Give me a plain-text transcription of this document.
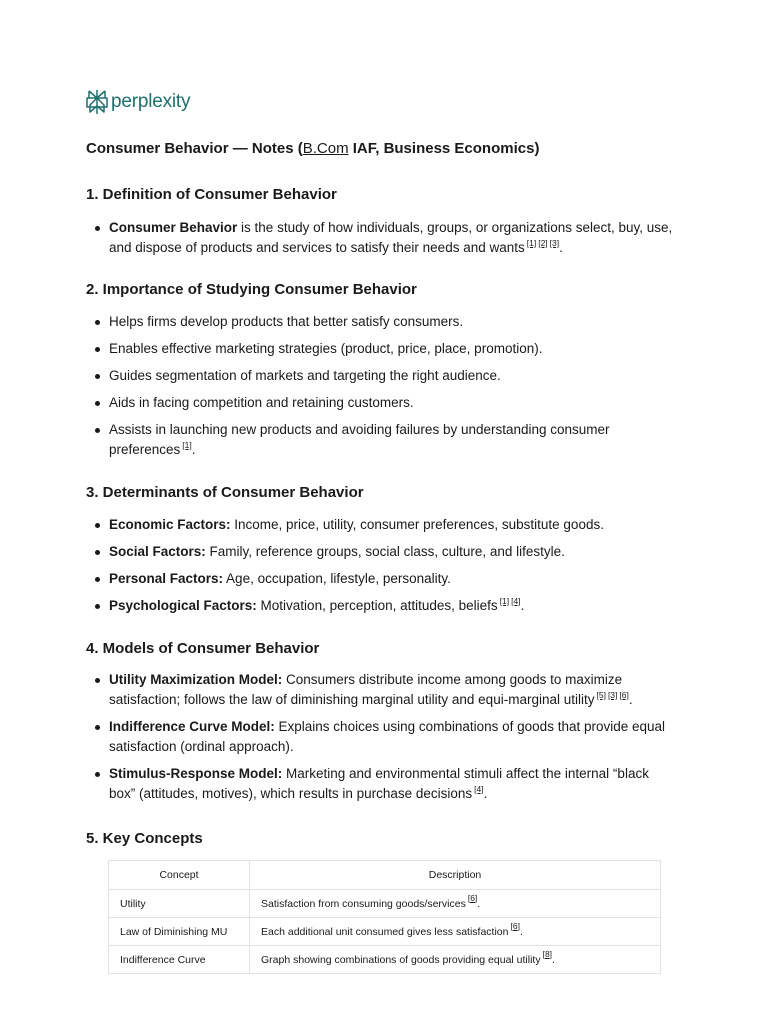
perplexity
Consumer Behavior — Notes (B.Com IAF, Business Economics)
1. Definition of Consumer Behavior
Consumer Behavior is the study of how individuals, groups, or organizations select, buy, use, and dispose of products and services to satisfy their needs and wants [1] [2] [3].
2. Importance of Studying Consumer Behavior
Helps firms develop products that better satisfy consumers.
Enables effective marketing strategies (product, price, place, promotion).
Guides segmentation of markets and targeting the right audience.
Aids in facing competition and retaining customers.
Assists in launching new products and avoiding failures by understanding consumer preferences [1].
3. Determinants of Consumer Behavior
Economic Factors: Income, price, utility, consumer preferences, substitute goods.
Social Factors: Family, reference groups, social class, culture, and lifestyle.
Personal Factors: Age, occupation, lifestyle, personality.
Psychological Factors: Motivation, perception, attitudes, beliefs [1] [4].
4. Models of Consumer Behavior
Utility Maximization Model: Consumers distribute income among goods to maximize satisfaction; follows the law of diminishing marginal utility and equi-marginal utility [5] [3] [6].
Indifference Curve Model: Explains choices using combinations of goods that provide equal satisfaction (ordinal approach).
Stimulus-Response Model: Marketing and environmental stimuli affect the internal “black box” (attitudes, motives), which results in purchase decisions [4].
5. Key Concepts
Concept	Description
Utility	Satisfaction from consuming goods/services [6].
Law of Diminishing MU	Each additional unit consumed gives less satisfaction [6].
Indifference Curve	Graph showing combinations of goods providing equal utility [8].
